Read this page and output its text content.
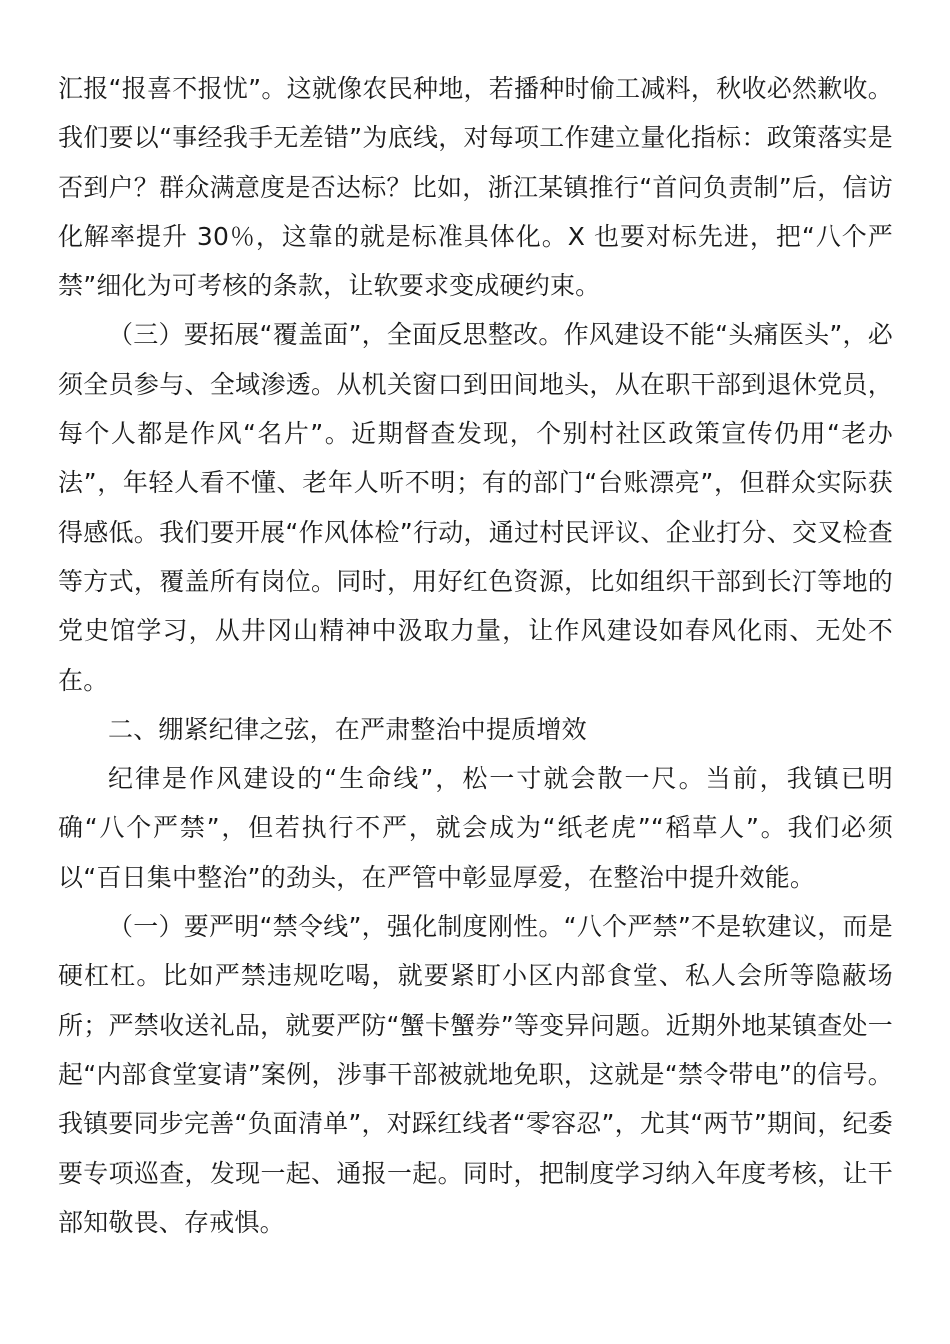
汇报“报喜不报忧”。这就像农民种地，若播种时偷工减料，秋收必然歉收。我们要以“事经我手无差错”为底线，对每项工作建立量化指标：政策落实是否到户？群众满意度是否达标？比如，浙江某镇推行“首问负责制”后，信访化解率提升 30％，这靠的就是标准具体化。X 也要对标先进，把“八个严禁”细化为可考核的条款，让软要求变成硬约束。

（三）要拓展“覆盖面”，全面反思整改。作风建设不能“头痛医头”，必须全员参与、全域渗透。从机关窗口到田间地头，从在职干部到退休党员，每个人都是作风“名片”。近期督查发现，个别村社区政策宣传仍用“老办法”，年轻人看不懂、老年人听不明；有的部门“台账漂亮”，但群众实际获得感低。我们要开展“作风体检”行动，通过村民评议、企业打分、交叉检查等方式，覆盖所有岗位。同时，用好红色资源，比如组织干部到长汀等地的党史馆学习，从井冈山精神中汲取力量，让作风建设如春风化雨、无处不在。

二、绷紧纪律之弦，在严肃整治中提质增效

纪律是作风建设的“生命线”，松一寸就会散一尺。当前，我镇已明确“八个严禁”，但若执行不严，就会成为“纸老虎”“稻草人”。我们必须以“百日集中整治”的劲头，在严管中彰显厚爱，在整治中提升效能。

（一）要严明“禁令线”，强化制度刚性。“八个严禁”不是软建议，而是硬杠杠。比如严禁违规吃喝，就要紧盯小区内部食堂、私人会所等隐蔽场所；严禁收送礼品，就要严防“蟹卡蟹券”等变异问题。近期外地某镇查处一起“内部食堂宴请”案例，涉事干部被就地免职，这就是“禁令带电”的信号。我镇要同步完善“负面清单”，对踩红线者“零容忍”，尤其“两节”期间，纪委要专项巡查，发现一起、通报一起。同时，把制度学习纳入年度考核，让干部知敬畏、存戒惧。
